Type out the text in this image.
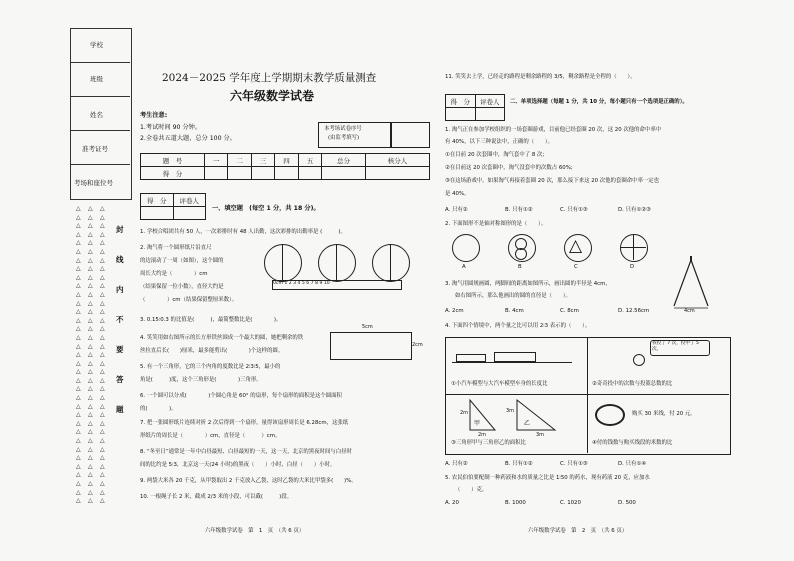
学校
班级
姓名
准考证号
考场和座位号
△
△
△
△
△
△
△
△
△
△
△
△
△
△
△
△
△
△
△
△
△
△
△
△
△
△
△
△
△
△
△
△
△
△
△
△
△
△
△
△
△
△
△
△
△
△
△
△
△
△
△
△
△
△
△
△
△
△
△
△
△
△
△
△
△
△
△
△
△
△
△
△
△
△
△
△
△
△
△
△
△
△
△
△
△
△
△
△
△
△
△
△
△
△
△
△
△
△
△
△
△
△
△
△
△
封
线
内
不
要
答
题
2024－2025 学年度上学期期末教学质量测查
六年级数学试卷
考生注意:
1.考试时间 90 分钟。
2.全卷共五道大题，总分 100 分。
本考场试卷序号
(由监考填写)
题　号	一	二	三	四	五	总分	核分人
得　分							
得　分	评卷人

一、填空题　(每空 1 分，共 18 分)。
1. 学校合唱团共有 50 人，一次彩排时有 48 人出勤，这次彩排的出勤率是 (　　　)。
2. 淘气将一个圆形纸片沿直尺
的边滚动了一周（如图），这个圆的
周长大约是（　　　　）cm
（结果保留一位小数），直径大约是
（　　　　）cm（结果保留整厘米数）。
0cm 1 2 3 4 5 6 7 8 9 10
3. 0.15∶0.3 的比值是(　　　)，最简整数比是(　　　　)。
4. 笑笑用如右图所示的长方形铁丝围成一个最大的圆，她把剩余的铁
丝拉直后长(　　)厘米，最多能剪出(　　　　)个这样的圆。
5cm
2cm
5. 有一个三角形，它的三个内角的度数比是 2∶3∶5，最小的
角是(　　　)度，这个三角形是(　　　　)三角形。
6. 一个圆可以分成(　　　　)个圆心角是 60° 的扇形，每个扇形的面积是这个圆面积
的(　　　　)。
7. 把一张圆形纸片连续对折 2 次后得到一个扇形，量得该扇形周长是 6.28cm，这张纸
形纸片的周长是（　　　　）cm，直径是（　　　）cm。
8. “冬至日”通常是一年中白昼最短、白昼最短的一天，这一天，北京的黑夜时间与白昼时
间的比约是 5∶3，北京这一天(24 小时)的黑夜（　　）小时，白昼（　　）小时。
9. 两袋大米各 20 千克，从甲袋取出 2 千克放入乙袋，这时乙袋的大米比甲袋多(　　)%。
10. 一根绳子长 2 米，截成 2/3 米的小段，可以截(　　　)段。
六年级数学试卷　第　1　页　（共 6 页）
11. 笑笑去上学，已经走的路程是剩余路程的 3/5，剩余路程是全程的（　　）。
得　分	评卷人
	二、单项选择题（每题 1 分，共 10 分，每小题只有一个选项是正确的）。
1. 淘气正在参加学校组织的一场套圈游戏，目前他已经套圈 20 次，这 20 次他的命中率中
有 40%，以下三种说法中，正确的（　　）。
①在目前 20 次套圈中，淘气套中了 8 次;
②在目前这 20 次套圈中，淘气没套中的次数占 60%;
③在这场游戏中，如果淘气再接着套圈 20 次，那么接下来这 20 次他的套圈命中率一定也
是 40%。
A. 只有②	B. 只有①②	C. 只有①③	D. 只有①②③
2. 下面图形不是轴对称图形的是（　　）。
△
A	B	C	D
3. 淘气用圆规画圆，两脚间的距离如图所示，画出圆的半径是 4cm，
如右图所示，那么他画出的圆的直径是（　　）。
A. 2cm	B. 4cm	C. 8cm	D. 12.56cm	4cm
4. 下面四个情境中，两个量之比可以用 2∶3 表示的（　　）。
①小汽车模型与大汽车模型车身的长度比
我投了 7 次，投中了 5 次。
②奇奇投中的次数与投篮总数的比
2m
甲
3m
乙
2m	3m
③三角形甲与三角形乙的面积比
购买 30 米线，付 20 元。
④付的钱数与购买线段的米数的比
A. 只有②	B. 只有①②	C. 只有①③	D. 只有①④
5. 农民伯伯要配制一种药液和水的质量之比是 1∶50 的药水，现有药液 20 克，应加水
（　　）克。
A. 20	B. 1000	C. 1020	D. 500
六年级数学试卷　第　2　页　（共 6 页）
